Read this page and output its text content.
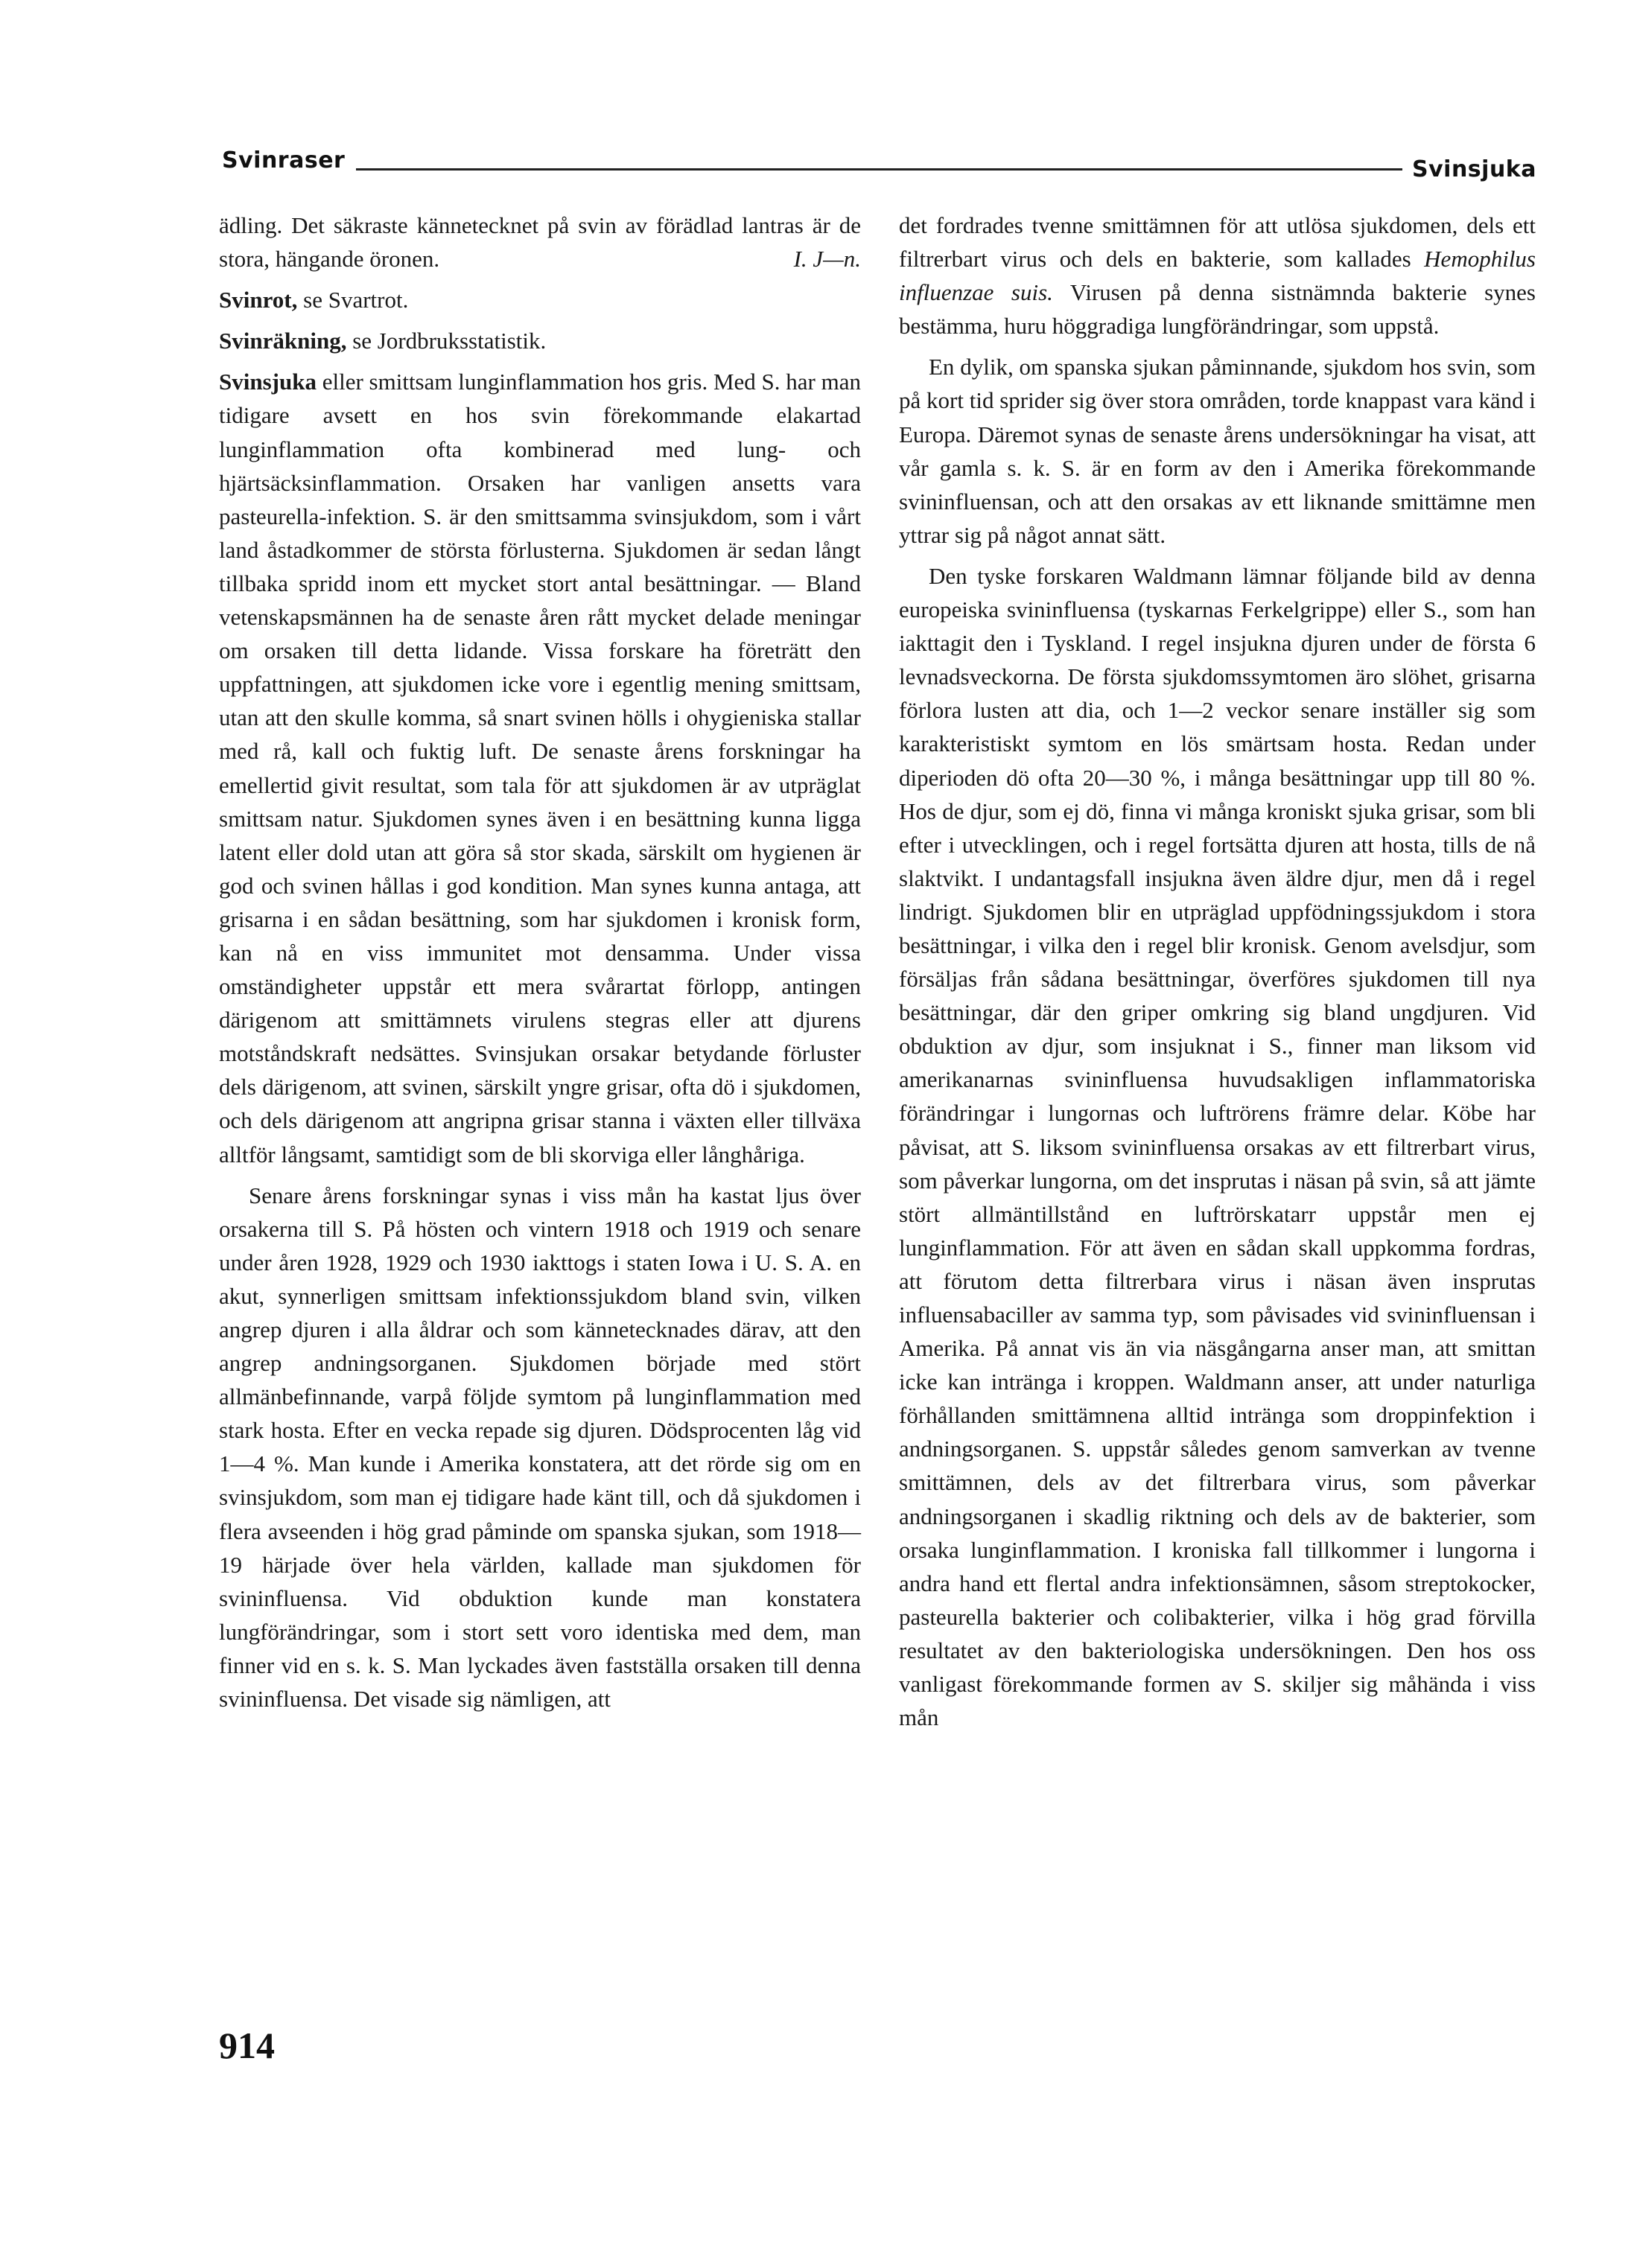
Svinraser	Svinsjuka

ädling. Det säkraste kännetecknet på svin av förädlad lantras är de stora, hängande öronen.	I. J—n.

Svinrot, se Svartrot.

Svinräkning, se Jordbruksstatistik.

Svinsjuka eller smittsam lunginflammation hos gris. Med S. har man tidigare avsett en hos svin förekommande elakartad lunginflammation ofta kombinerad med lung- och hjärtsäcksinflammation. Orsaken har vanligen ansetts vara pasteurella-infektion. S. är den smittsamma svinsjukdom, som i vårt land åstadkommer de största förlusterna. Sjukdomen är sedan långt tillbaka spridd inom ett mycket stort antal besättningar. — Bland vetenskapsmännen ha de senaste åren rått mycket delade meningar om orsaken till detta lidande. Vissa forskare ha företrätt den uppfattningen, att sjukdomen icke vore i egentlig mening smittsam, utan att den skulle komma, så snart svinen hölls i ohygieniska stallar med rå, kall och fuktig luft. De senaste årens forskningar ha emellertid givit resultat, som tala för att sjukdomen är av utpräglat smittsam natur. Sjukdomen synes även i en besättning kunna ligga latent eller dold utan att göra så stor skada, särskilt om hygienen är god och svinen hållas i god kondition. Man synes kunna antaga, att grisarna i en sådan besättning, som har sjukdomen i kronisk form, kan nå en viss immunitet mot densamma. Under vissa omständigheter uppstår ett mera svårartat förlopp, antingen därigenom att smittämnets virulens stegras eller att djurens motståndskraft nedsättes. Svinsjukan orsakar betydande förluster dels därigenom, att svinen, särskilt yngre grisar, ofta dö i sjukdomen, och dels därigenom att angripna grisar stanna i växten eller tillväxa alltför långsamt, samtidigt som de bli skorviga eller långhåriga.

Senare årens forskningar synas i viss mån ha kastat ljus över orsakerna till S. På hösten och vintern 1918 och 1919 och senare under åren 1928, 1929 och 1930 iakttogs i staten Iowa i U. S. A. en akut, synnerligen smittsam infektionssjukdom bland svin, vilken angrep djuren i alla åldrar och som kännetecknades därav, att den angrep andningsorganen. Sjukdomen började med stört allmänbefinnande, varpå följde symtom på lunginflammation med stark hosta. Efter en vecka repade sig djuren. Dödsprocenten låg vid 1—4 %. Man kunde i Amerika konstatera, att det rörde sig om en svinsjukdom, som man ej tidigare hade känt till, och då sjukdomen i flera avseenden i hög grad påminde om spanska sjukan, som 1918—19 härjade över hela världen, kallade man sjukdomen för svininfluensa. Vid obduktion kunde man konstatera lungförändringar, som i stort sett voro identiska med dem, man finner vid en s. k. S. Man lyckades även fastställa orsaken till denna svininfluensa. Det visade sig nämligen, att

det fordrades tvenne smittämnen för att utlösa sjukdomen, dels ett filtrerbart virus och dels en bakterie, som kallades Hemophilus influenzae suis. Virusen på denna sistnämnda bakterie synes bestämma, huru höggradiga lungförändringar, som uppstå.

En dylik, om spanska sjukan påminnande, sjukdom hos svin, som på kort tid sprider sig över stora områden, torde knappast vara känd i Europa. Däremot synas de senaste årens undersökningar ha visat, att vår gamla s. k. S. är en form av den i Amerika förekommande svininfluensan, och att den orsakas av ett liknande smittämne men yttrar sig på något annat sätt.

Den tyske forskaren Waldmann lämnar följande bild av denna europeiska svininfluensa (tyskarnas Ferkelgrippe) eller S., som han iakttagit den i Tyskland. I regel insjukna djuren under de första 6 levnadsveckorna. De första sjukdomssymtomen äro slöhet, grisarna förlora lusten att dia, och 1—2 veckor senare inställer sig som karakteristiskt symtom en lös smärtsam hosta. Redan under diperioden dö ofta 20—30 %, i många besättningar upp till 80 %. Hos de djur, som ej dö, finna vi många kroniskt sjuka grisar, som bli efter i utvecklingen, och i regel fortsätta djuren att hosta, tills de nå slaktvikt. I undantagsfall insjukna även äldre djur, men då i regel lindrigt. Sjukdomen blir en utpräglad uppfödningssjukdom i stora besättningar, i vilka den i regel blir kronisk. Genom avelsdjur, som försäljas från sådana besättningar, överföres sjukdomen till nya besättningar, där den griper omkring sig bland ungdjuren. Vid obduktion av djur, som insjuknat i S., finner man liksom vid amerikanarnas svininfluensa huvudsakligen inflammatoriska förändringar i lungornas och luftrörens främre delar. Köbe har påvisat, att S. liksom svininfluensa orsakas av ett filtrerbart virus, som påverkar lungorna, om det insprutas i näsan på svin, så att jämte stört allmäntillstånd en luftrörskatarr uppstår men ej lunginflammation. För att även en sådan skall uppkomma fordras, att förutom detta filtrerbara virus i näsan även insprutas influensabaciller av samma typ, som påvisades vid svininfluensan i Amerika. På annat vis än via näsgångarna anser man, att smittan icke kan intränga i kroppen. Waldmann anser, att under naturliga förhållanden smittämnena alltid intränga som droppinfektion i andningsorganen. S. uppstår således genom samverkan av tvenne smittämnen, dels av det filtrerbara virus, som påverkar andningsorganen i skadlig riktning och dels av de bakterier, som orsaka lunginflammation. I kroniska fall tillkommer i lungorna i andra hand ett flertal andra infektionsämnen, såsom streptokocker, pasteurella bakterier och colibakterier, vilka i hög grad förvilla resultatet av den bakteriologiska undersökningen. Den hos oss vanligast förekommande formen av S. skiljer sig måhända i viss mån

914
